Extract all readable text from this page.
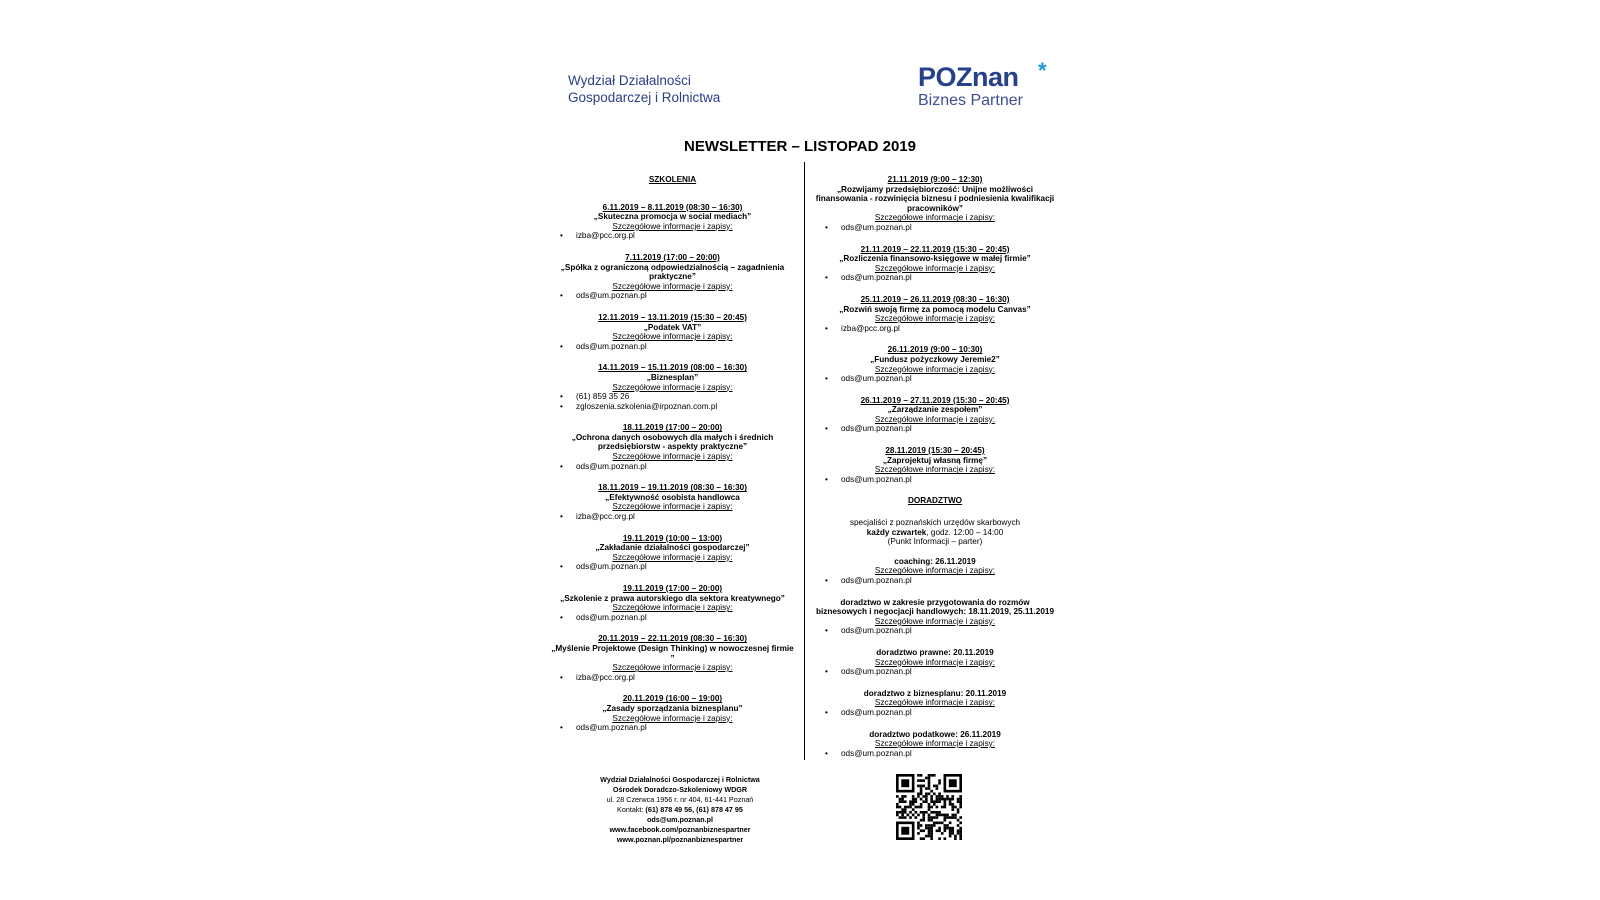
Wydział Działalności
Gospodarczej i Rolnictwa
POZnan *
Biznes Partner
NEWSLETTER – LISTOPAD 2019
SZKOLENIA
6.11.2019 – 8.11.2019 (08:30 – 16:30)
„Skuteczna promocja w social mediach”
Szczegółowe informacje i zapisy:
• izba@pcc.org.pl
7.11.2019 (17:00 – 20:00)
„Spółka z ograniczoną odpowiedzialnością – zagadnienia praktyczne”
Szczegółowe informacje i zapisy:
• ods@um.poznan.pl
12.11.2019 – 13.11.2019 (15:30 – 20:45)
„Podatek VAT”
Szczegółowe informacje i zapisy:
• ods@um.poznan.pl
14.11.2019 – 15.11.2019 (08:00 – 16:30)
„Biznesplan”
Szczegółowe informacje i zapisy:
• (61) 859 35 26
• zgloszenia.szkolenia@irpoznan.com.pl
18.11.2019 (17:00 – 20:00)
„Ochrona danych osobowych dla małych i średnich przedsiębiorstw - aspekty praktyczne”
Szczegółowe informacje i zapisy:
• ods@um.poznan.pl
18.11.2019 – 19.11.2019 (08:30 – 16:30)
„Efektywność osobista handlowca
Szczegółowe informacje i zapisy:
• izba@pcc.org.pl
19.11.2019 (10:00 – 13:00)
„Zakładanie działalności gospodarczej”
Szczegółowe informacje i zapisy:
• ods@um.poznan.pl
19.11.2019 (17:00 – 20:00)
„Szkolenie z prawa autorskiego dla sektora kreatywnego”
Szczegółowe informacje i zapisy:
• ods@um.poznan.pl
20.11.2019 – 22.11.2019 (08:30 – 16:30)
„Myślenie Projektowe (Design Thinking) w nowoczesnej firmie ”
Szczegółowe informacje i zapisy:
• izba@pcc.org.pl
20.11.2019 (16:00 – 19:00)
„Zasady sporządzania biznesplanu”
Szczegółowe informacje i zapisy:
• ods@um.poznan.pl
21.11.2019 (9:00 – 12:30)
„Rozwijamy przedsiębiorczość: Unijne możliwości finansowania - rozwinięcia biznesu i podniesienia kwalifikacji pracowników”
Szczegółowe informacje i zapisy:
• ods@um.poznan.pl
21.11.2019 – 22.11.2019 (15:30 – 20:45)
„Rozliczenia finansowo-księgowe w małej firmie”
Szczegółowe informacje i zapisy:
• ods@um.poznan.pl
25.11.2019 – 26.11.2019 (08:30 – 16:30)
„Rozwiń swoją firmę za pomocą modelu Canvas”
Szczegółowe informacje i zapisy:
• izba@pcc.org.pl
26.11.2019 (9:00 – 10:30)
„Fundusz pożyczkowy Jeremie2”
Szczegółowe informacje i zapisy:
• ods@um.poznan.pl
26.11.2019 – 27.11.2019 (15:30 – 20:45)
„Zarządzanie zespołem”
Szczegółowe informacje i zapisy:
• ods@um.poznan.pl
28.11.2019 (15:30 – 20:45)
„Zaprojektuj własną firmę”
Szczegółowe informacje i zapisy:
• ods@um.poznan.pl
DORADZTWO
specjaliści z poznańskich urzędów skarbowych
każdy czwartek, godz. 12:00 – 14:00
(Punkt Informacji – parter)
coaching: 26.11.2019
Szczegółowe informacje i zapisy:
• ods@um.poznan.pl
doradztwo w zakresie przygotowania do rozmów biznesowych i negocjacji handlowych: 18.11.2019, 25.11.2019
Szczegółowe informacje i zapisy:
• ods@um.poznan.pl
doradztwo prawne: 20.11.2019
Szczegółowe informacje i zapisy:
• ods@um.poznan.pl
doradztwo z biznesplanu: 20.11.2019
Szczegółowe informacje i zapisy:
• ods@um.poznan.pl
doradztwo podatkowe: 26.11.2019
Szczegółowe informacje i zapisy:
• ods@um.poznan.pl
Wydział Działalności Gospodarczej i Rolnictwa
Ośrodek Doradczo-Szkoleniowy WDGR
ul. 28 Czerwca 1956 r. nr 404, 61-441 Poznań
Kontakt: (61) 878 49 56, (61) 878 47 95
ods@um.poznan.pl
www.facebook.com/poznanbiznespartner
www.poznan.pl/poznanbiznespartner
